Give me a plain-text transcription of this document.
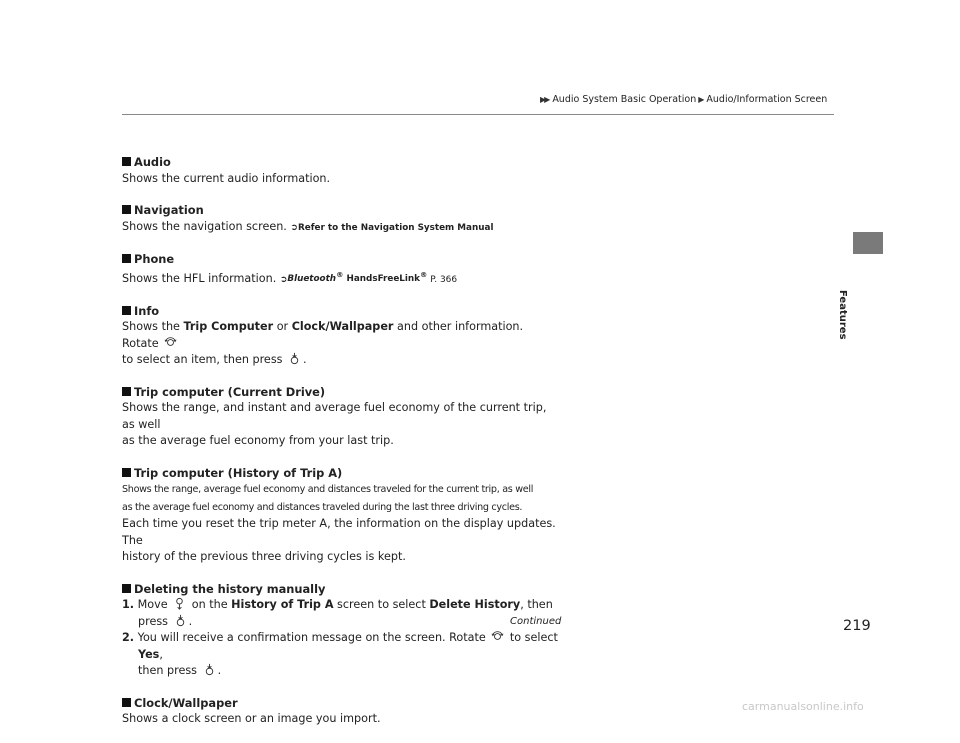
▶▶ Audio System Basic Operation ▶ Audio/Information Screen
Features
Audio
Shows the current audio information.
Navigation
Shows the navigation screen. ➲Refer to the Navigation System Manual
Phone
Shows the HFL information. ➲Bluetooth® HandsFreeLink® P. 366
Info
Shows the Trip Computer or Clock/Wallpaper and other information. Rotate
to select an item, then press .
Trip computer (Current Drive)
Shows the range, and instant and average fuel economy of the current trip, as well
as the average fuel economy from your last trip.
Trip computer (History of Trip A)
Shows the range, average fuel economy and distances traveled for the current trip, as well
as the average fuel economy and distances traveled during the last three driving cycles.
Each time you reset the trip meter A, the information on the display updates. The
history of the previous three driving cycles is kept.
Deleting the history manually
1. Move  on the History of Trip A screen to select Delete History, then press .
2. You will receive a confirmation message on the screen. Rotate  to select Yes,
then press .
Clock/Wallpaper
Shows a clock screen or an image you import.
Continued	219
carmanualsonline.info
